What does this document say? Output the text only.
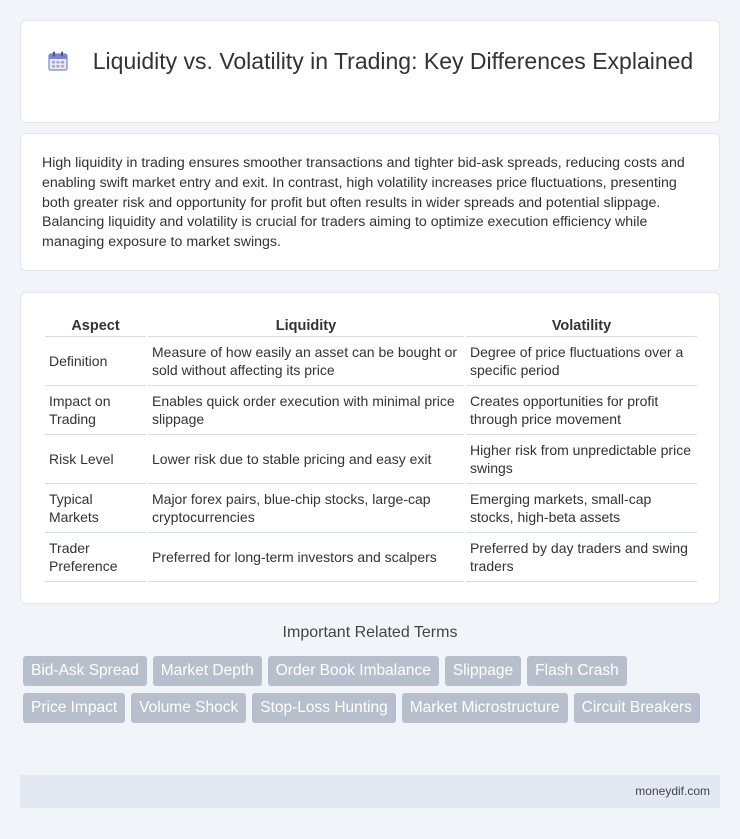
Liquidity vs. Volatility in Trading: Key Differences Explained

High liquidity in trading ensures smoother transactions and tighter bid-ask spreads, reducing costs and enabling swift market entry and exit. In contrast, high volatility increases price fluctuations, presenting both greater risk and opportunity for profit but often results in wider spreads and potential slippage. Balancing liquidity and volatility is crucial for traders aiming to optimize execution efficiency while managing exposure to market swings.

Aspect	Liquidity	Volatility
Definition	Measure of how easily an asset can be bought or sold without affecting its price	Degree of price fluctuations over a specific period
Impact on Trading	Enables quick order execution with minimal price slippage	Creates opportunities for profit through price movement
Risk Level	Lower risk due to stable pricing and easy exit	Higher risk from unpredictable price swings
Typical Markets	Major forex pairs, blue-chip stocks, large-cap cryptocurrencies	Emerging markets, small-cap stocks, high-beta assets
Trader Preference	Preferred for long-term investors and scalpers	Preferred by day traders and swing traders
Important Related Terms
Bid-Ask Spread	Market Depth	Order Book Imbalance	Slippage	Flash Crash
Price Impact	Volume Shock	Stop-Loss Hunting	Market Microstructure	Circuit Breakers
moneydif.com
